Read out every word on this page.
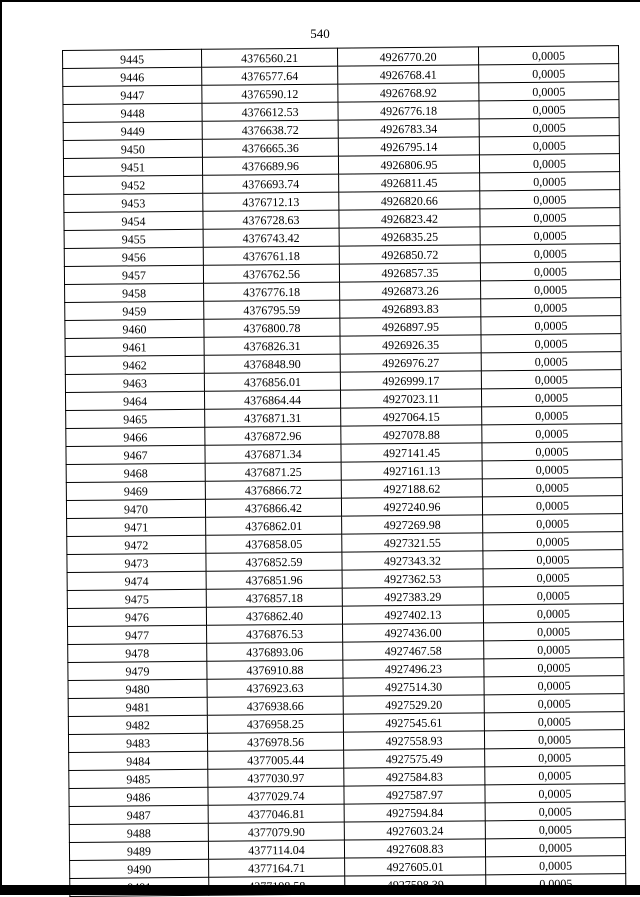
540
9445	4376560.21	4926770.20	0,0005
9446	4376577.64	4926768.41	0,0005
9447	4376590.12	4926768.92	0,0005
9448	4376612.53	4926776.18	0,0005
9449	4376638.72	4926783.34	0,0005
9450	4376665.36	4926795.14	0,0005
9451	4376689.96	4926806.95	0,0005
9452	4376693.74	4926811.45	0,0005
9453	4376712.13	4926820.66	0,0005
9454	4376728.63	4926823.42	0,0005
9455	4376743.42	4926835.25	0,0005
9456	4376761.18	4926850.72	0,0005
9457	4376762.56	4926857.35	0,0005
9458	4376776.18	4926873.26	0,0005
9459	4376795.59	4926893.83	0,0005
9460	4376800.78	4926897.95	0,0005
9461	4376826.31	4926926.35	0,0005
9462	4376848.90	4926976.27	0,0005
9463	4376856.01	4926999.17	0,0005
9464	4376864.44	4927023.11	0,0005
9465	4376871.31	4927064.15	0,0005
9466	4376872.96	4927078.88	0,0005
9467	4376871.34	4927141.45	0,0005
9468	4376871.25	4927161.13	0,0005
9469	4376866.72	4927188.62	0,0005
9470	4376866.42	4927240.96	0,0005
9471	4376862.01	4927269.98	0,0005
9472	4376858.05	4927321.55	0,0005
9473	4376852.59	4927343.32	0,0005
9474	4376851.96	4927362.53	0,0005
9475	4376857.18	4927383.29	0,0005
9476	4376862.40	4927402.13	0,0005
9477	4376876.53	4927436.00	0,0005
9478	4376893.06	4927467.58	0,0005
9479	4376910.88	4927496.23	0,0005
9480	4376923.63	4927514.30	0,0005
9481	4376938.66	4927529.20	0,0005
9482	4376958.25	4927545.61	0,0005
9483	4376978.56	4927558.93	0,0005
9484	4377005.44	4927575.49	0,0005
9485	4377030.97	4927584.83	0,0005
9486	4377029.74	4927587.97	0,0005
9487	4377046.81	4927594.84	0,0005
9488	4377079.90	4927603.24	0,0005
9489	4377114.04	4927608.83	0,0005
9490	4377164.71	4927605.01	0,0005
9491	4377198.58	4927598.39	0,0005
